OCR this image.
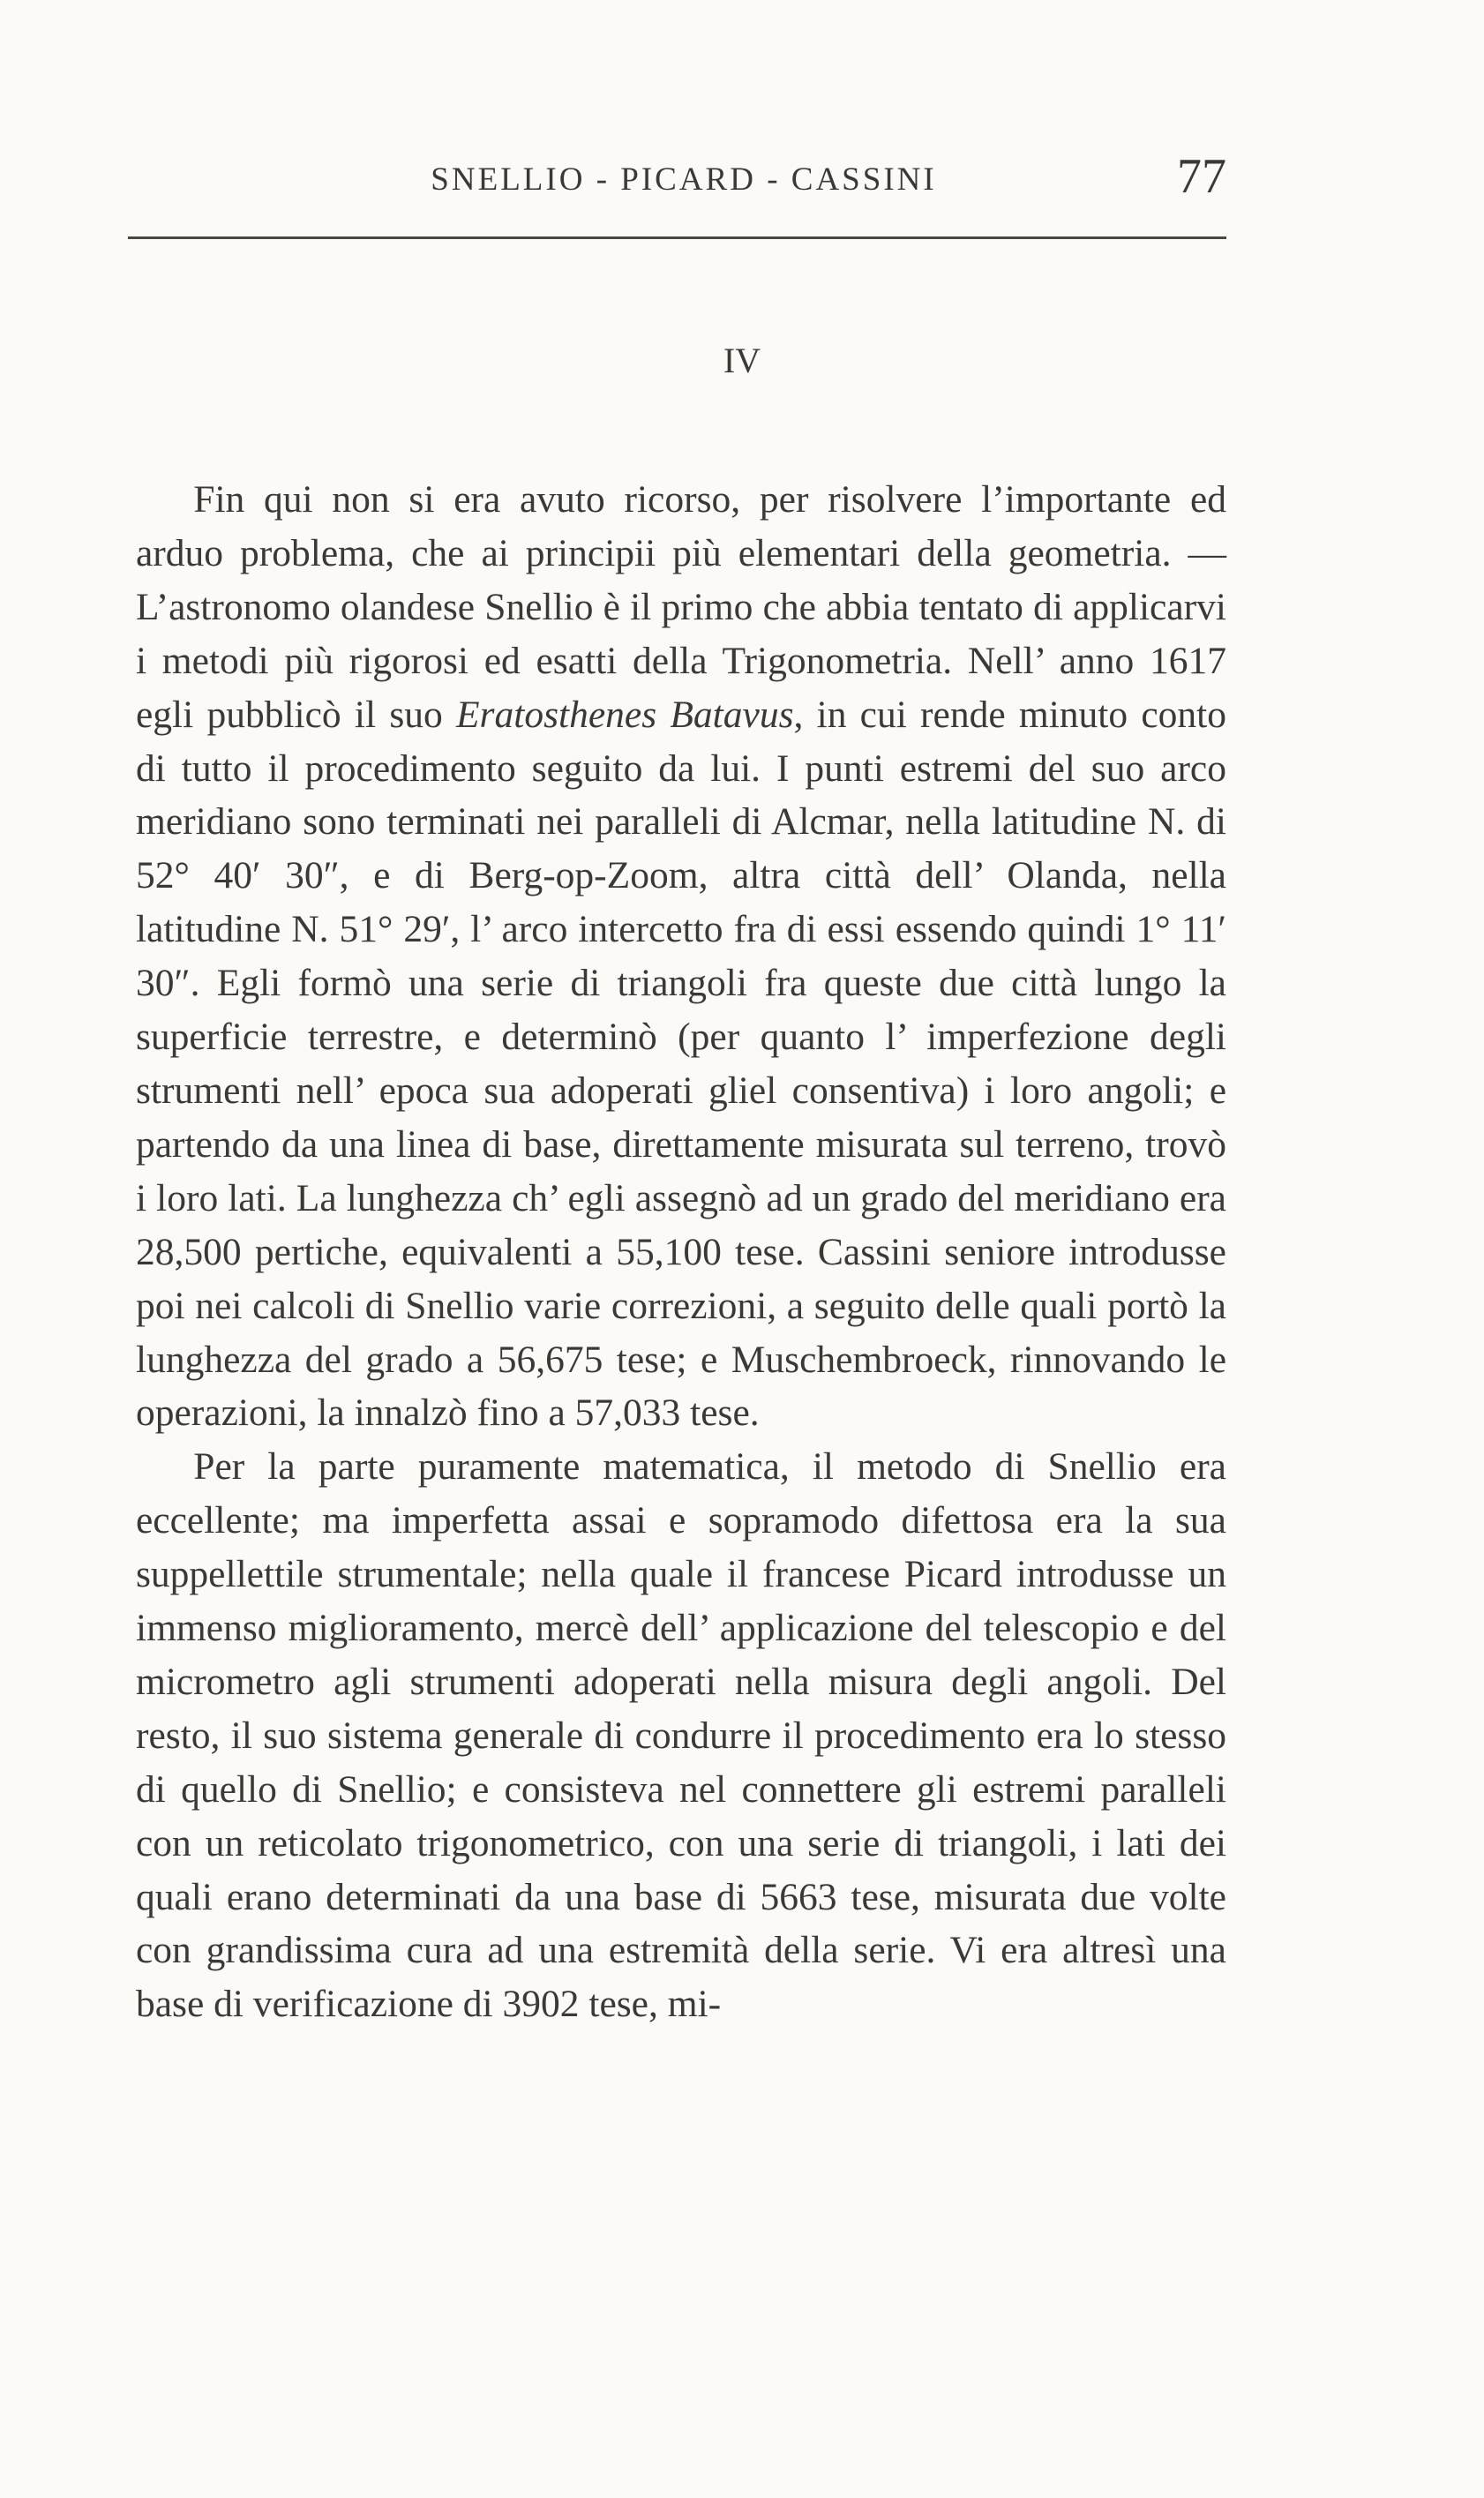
SNELLIO - PICARD - CASSINI	77
IV

Fin qui non si era avuto ricorso, per risolvere l’importante ed arduo problema, che ai principii più elementari della geometria. — L’astronomo olandese Snellio è il primo che abbia tentato di applicarvi i metodi più rigorosi ed esatti della Trigonometria. Nell’ anno 1617 egli pubblicò il suo Eratosthenes Batavus, in cui rende minuto conto di tutto il procedimento seguito da lui. I punti estremi del suo arco meridiano sono terminati nei paralleli di Alcmar, nella latitudine N. di 52° 40′ 30″, e di Berg-op-Zoom, altra città dell’ Olanda, nella latitudine N. 51° 29′, l’ arco intercetto fra di essi essendo quindi 1° 11′ 30″. Egli formò una serie di triangoli fra queste due città lungo la superficie terrestre, e determinò (per quanto l’ imperfezione degli strumenti nell’ epoca sua adoperati gliel consentiva) i loro angoli; e partendo da una linea di base, direttamente misurata sul terreno, trovò i loro lati. La lunghezza ch’ egli assegnò ad un grado del meridiano era 28,500 pertiche, equivalenti a 55,100 tese. Cassini seniore introdusse poi nei calcoli di Snellio varie correzioni, a seguito delle quali portò la lunghezza del grado a 56,675 tese; e Muschembroeck, rinnovando le operazioni, la innalzò fino a 57,033 tese.

Per la parte puramente matematica, il metodo di Snellio era eccellente; ma imperfetta assai e sopramodo difettosa era la sua suppellettile strumentale; nella quale il francese Picard introdusse un immenso miglioramento, mercè dell’ applicazione del telescopio e del micrometro agli strumenti adoperati nella misura degli angoli. Del resto, il suo sistema generale di condurre il procedimento era lo stesso di quello di Snellio; e consisteva nel connettere gli estremi paralleli con un reticolato trigonometrico, con una serie di triangoli, i lati dei quali erano determinati da una base di 5663 tese, misurata due volte con grandissima cura ad una estremità della serie. Vi era altresì una base di verificazione di 3902 tese, mi-
